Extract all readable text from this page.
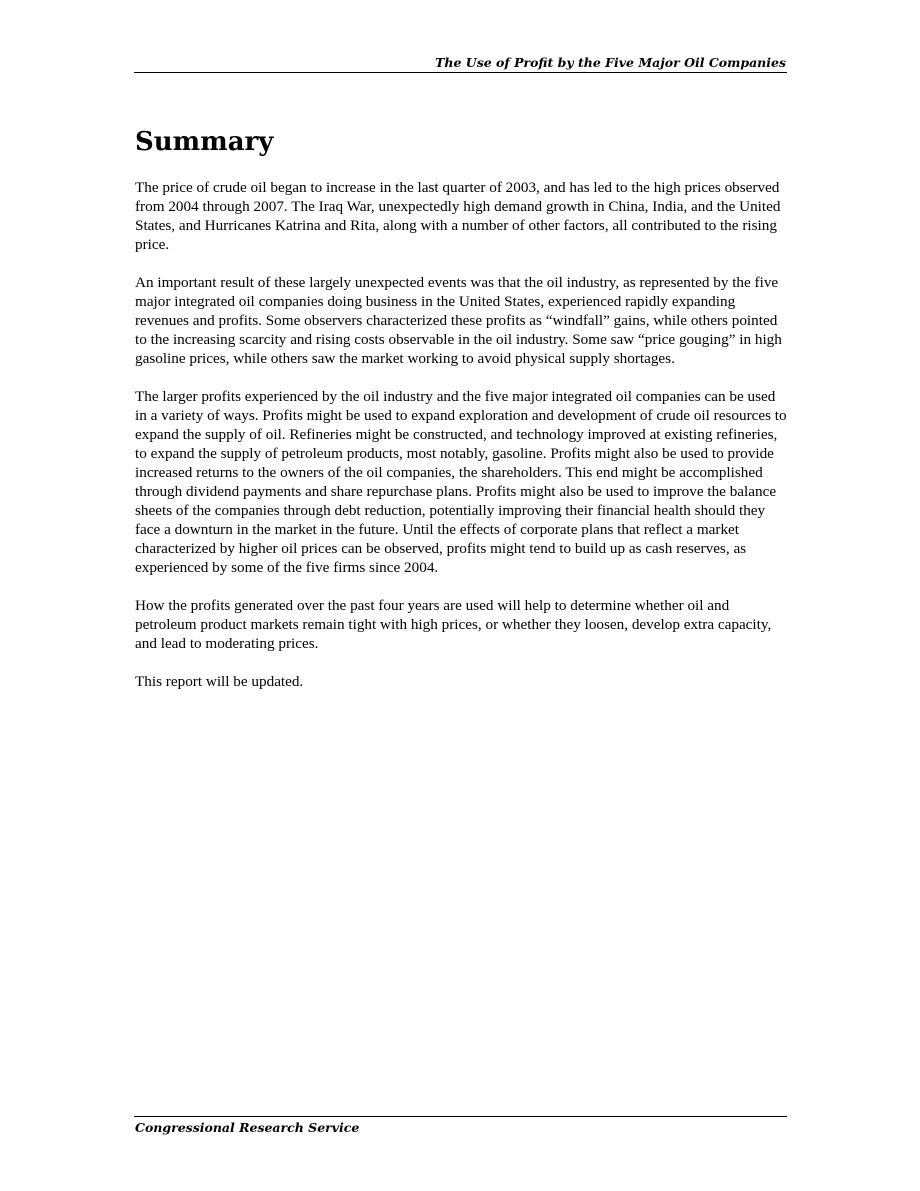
The Use of Profit by the Five Major Oil Companies
Summary

The price of crude oil began to increase in the last quarter of 2003, and has led to the high prices observed from 2004 through 2007. The Iraq War, unexpectedly high demand growth in China, India, and the United States, and Hurricanes Katrina and Rita, along with a number of other factors, all contributed to the rising price.

An important result of these largely unexpected events was that the oil industry, as represented by the five major integrated oil companies doing business in the United States, experienced rapidly expanding revenues and profits. Some observers characterized these profits as “windfall” gains, while others pointed to the increasing scarcity and rising costs observable in the oil industry. Some saw “price gouging” in high gasoline prices, while others saw the market working to avoid physical supply shortages.

The larger profits experienced by the oil industry and the five major integrated oil companies can be used in a variety of ways. Profits might be used to expand exploration and development of crude oil resources to expand the supply of oil. Refineries might be constructed, and technology improved at existing refineries, to expand the supply of petroleum products, most notably, gasoline. Profits might also be used to provide increased returns to the owners of the oil companies, the shareholders. This end might be accomplished through dividend payments and share repurchase plans. Profits might also be used to improve the balance sheets of the companies through debt reduction, potentially improving their financial health should they face a downturn in the market in the future. Until the effects of corporate plans that reflect a market characterized by higher oil prices can be observed, profits might tend to build up as cash reserves, as experienced by some of the five firms since 2004.

How the profits generated over the past four years are used will help to determine whether oil and petroleum product markets remain tight with high prices, or whether they loosen, develop extra capacity, and lead to moderating prices.

This report will be updated.

Congressional Research Service
